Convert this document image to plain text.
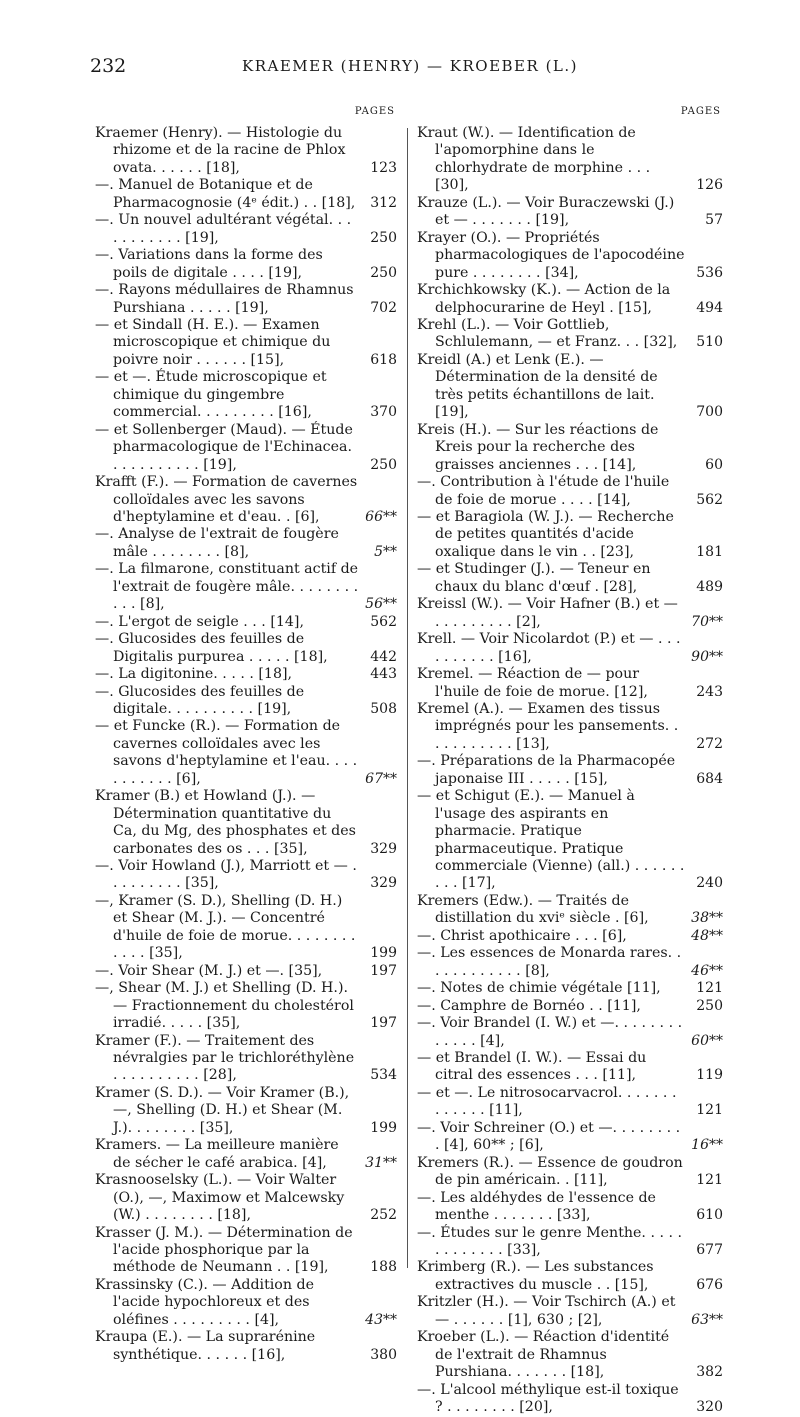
232	KRAEMER (HENRY) — KROEBER (L.)
PAGES

Kraemer (Henry). — Histologie du rhizome et de la racine de Phlox ovata. . . . . . [18],	123

—. Manuel de Botanique et de Pharmacognosie (4ᵉ édit.) . . [18], 312

—. Un nouvel adultérant végétal. . . . . . . . . . . [19],	250

—. Variations dans la forme des poils de digitale . . . . [19],	250

—. Rayons médullaires de Rhamnus Purshiana . . . . . [19],	702

— et Sindall (H. E.). — Examen microscopique et chimique du poivre noir . . . . . . [15],	618

— et —. Étude microscopique et chimique du gingembre commercial. . . . . . . . . [16],	370

— et Sollenberger (Maud). — Étude pharmacologique de l'Echinacea. . . . . . . . . . . [19],	250

Krafft (F.). — Formation de cavernes colloïdales avec les savons d'heptylamine et d'eau. . [6],	66**

—. Analyse de l'extrait de fougère mâle . . . . . . . . [8],	5**

—. La filmarone, constituant actif de l'extrait de fougère mâle. . . . . . . . . . . [8],	56**

—. L'ergot de seigle . . . [14],	562

—. Glucosides des feuilles de Digitalis purpurea . . . . . [18],	442

—. La digitonine. . . . . [18],	443

—. Glucosides des feuilles de digitale. . . . . . . . . . [19],	508

— et Funcke (R.). — Formation de cavernes colloïdales avec les savons d'heptylamine et l'eau. . . . . . . . . . . [6],	67**

Kramer (B.) et Howland (J.). — Détermination quantitative du Ca, du Mg, des phosphates et des carbonates des os . . . [35],	329

—. Voir Howland (J.), Marriott et — . . . . . . . . . [35],	329

—, Kramer (S. D.), Shelling (D. H.) et Shear (M. J.). — Concentré d'huile de foie de morue. . . . . . . . . . . . [35],	199

—. Voir Shear (M. J.) et —. [35],	197

—, Shear (M. J.) et Shelling (D. H.). — Fractionnement du cholestérol irradié. . . . . [35],	197

Kramer (F.). — Traitement des névralgies par le trichloréthylène . . . . . . . . . . [28],	534

Kramer (S. D.). — Voir Kramer (B.), —, Shelling (D. H.) et Shear (M. J.). . . . . . . . [35],	199

Kramers. — La meilleure manière de sécher le café arabica. [4],	31**

Krasnooselsky (L.). — Voir Walter (O.), —, Maximow et Malcewsky (W.) . . . . . . . . [18],	252

Krasser (J. M.). — Détermination de l'acide phosphorique par la méthode de Neumann . . [19],	188

Krassinsky (C.). — Addition de l'acide hypochloreux et des oléfines . . . . . . . . . [4],	43**

Kraupa (E.). — La suprarénine synthétique. . . . . . [16],	380

PAGES

Kraut (W.). — Identification de l'apomorphine dans le chlorhydrate de morphine . . . [30],	126

Krauze (L.). — Voir Buraczewski (J.) et — . . . . . . . [19],	57

Krayer (O.). — Propriétés pharmacologiques de l'apocodéine pure . . . . . . . . [34],	536

Krchichkowsky (K.). — Action de la delphocurarine de Heyl . [15],	494

Krehl (L.). — Voir Gottlieb, Schlulemann, — et Franz. . . [32], 510

Kreidl (A.) et Lenk (E.). — Détermination de la densité de très petits échantillons de lait. [19],	700

Kreis (H.). — Sur les réactions de Kreis pour la recherche des graisses anciennes . . . [14],	60

—. Contribution à l'étude de l'huile de foie de morue . . . . [14],	562

— et Baragiola (W. J.). — Recherche de petites quantités d'acide oxalique dans le vin . . [23],	181

— et Studinger (J.). — Teneur en chaux du blanc d'œuf . [28],	489

Kreissl (W.). — Voir Hafner (B.) et — . . . . . . . . . [2],	70**

Krell. — Voir Nicolardot (P.) et — . . . . . . . . . . [16],	90**

Kremel. — Réaction de — pour l'huile de foie de morue. [12],	243

Kremel (A.). — Examen des tissus imprégnés pour les pansements. . . . . . . . . . . [13],	272

—. Préparations de la Pharmacopée japonaise III . . . . . [15],	684

— et Schigut (E.). — Manuel à l'usage des aspirants en pharmacie. Pratique pharmaceutique. Pratique commerciale (Vienne) (all.) . . . . . . . . . [17],	240

Kremers (Edw.). — Traités de distillation du xviᵉ siècle . [6],	38**

—. Christ apothicaire . . . [6],	48**

—. Les essences de Monarda rares. . . . . . . . . . . . [8],	46**

—. Notes de chimie végétale [11],	121

—. Camphre de Bornéo . . [11],	250

—. Voir Brandel (I. W.) et —. . . . . . . . . . . . . [4],	60**

— et Brandel (I. W.). — Essai du citral des essences . . . [11],	119

— et —. Le nitrosocarvacrol. . . . . . . . . . . . . [11],	121

—. Voir Schreiner (O.) et —. . . . . . . . . [4], 60** ; [6],	16**

Kremers (R.). — Essence de goudron de pin américain. . [11],	121

—. Les aldéhydes de l'essence de menthe . . . . . . . [33],	610

—. Études sur le genre Menthe. . . . . . . . . . . . . [33],	677

Krimberg (R.). — Les substances extractives du muscle . . [15],	676

Kritzler (H.). — Voir Tschirch (A.) et — . . . . . . [1], 630 ; [2],	63**

Kroeber (L.). — Réaction d'identité de l'extrait de Rhamnus Purshiana. . . . . . . [18],	382

—. L'alcool méthylique est-il toxique ? . . . . . . . . [20],	320
